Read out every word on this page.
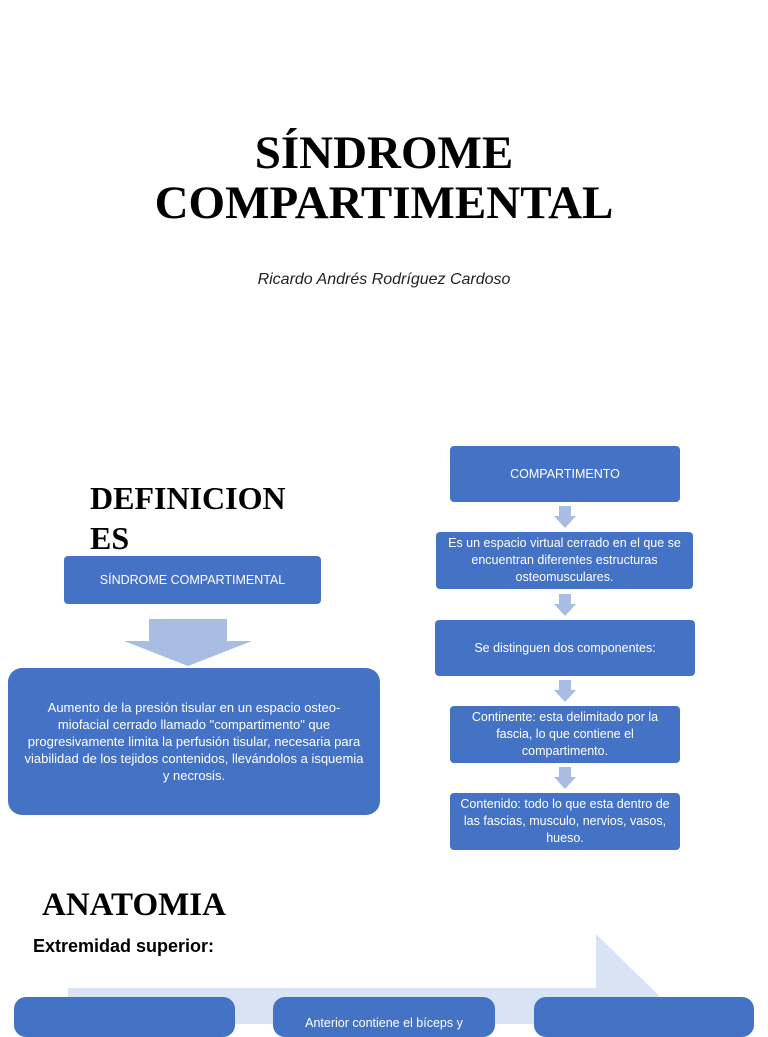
SÍNDROME
COMPARTIMENTAL
Ricardo Andrés Rodríguez Cardoso
DEFINICION
ES
SÍNDROME COMPARTIMENTAL
Aumento de la presión tisular en un espacio osteo-miofacial cerrado llamado "compartimento" que progresivamente limita la perfusión tisular, necesaria para viabilidad de los tejidos contenidos, llevándolos a isquemia y necrosis.
COMPARTIMENTO
Es un espacio virtual cerrado en el que se encuentran diferentes estructuras osteomusculares.
Se distinguen dos componentes:
Continente: esta delimitado por la fascia, lo que contiene el compartimento.
Contenido: todo lo que esta dentro de las fascias, musculo, nervios, vasos, hueso.
ANATOMIA
Extremidad superior:
Anterior contiene el bíceps y
